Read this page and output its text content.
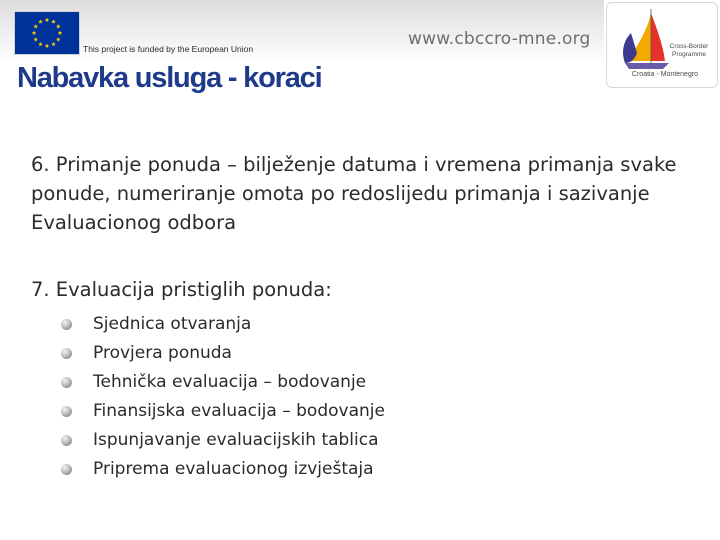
This project is funded by the European Union	www.cbccro-mne.org	Cross-Border
Programme
Croatia - Montenegro
Nabavka usluga - koraci

6. Primanje ponuda – bilježenje datuma i vremena primanja svake ponude, numeriranje omota po redoslijedu primanja i sazivanje Evaluacionog odbora

7. Evaluacija pristiglih ponuda:

Sjednica otvaranja
Provjera ponuda
Tehnička evaluacija – bodovanje
Finansijska evaluacija – bodovanje
Ispunjavanje evaluacijskih tablica
Priprema evaluacionog izvještaja
